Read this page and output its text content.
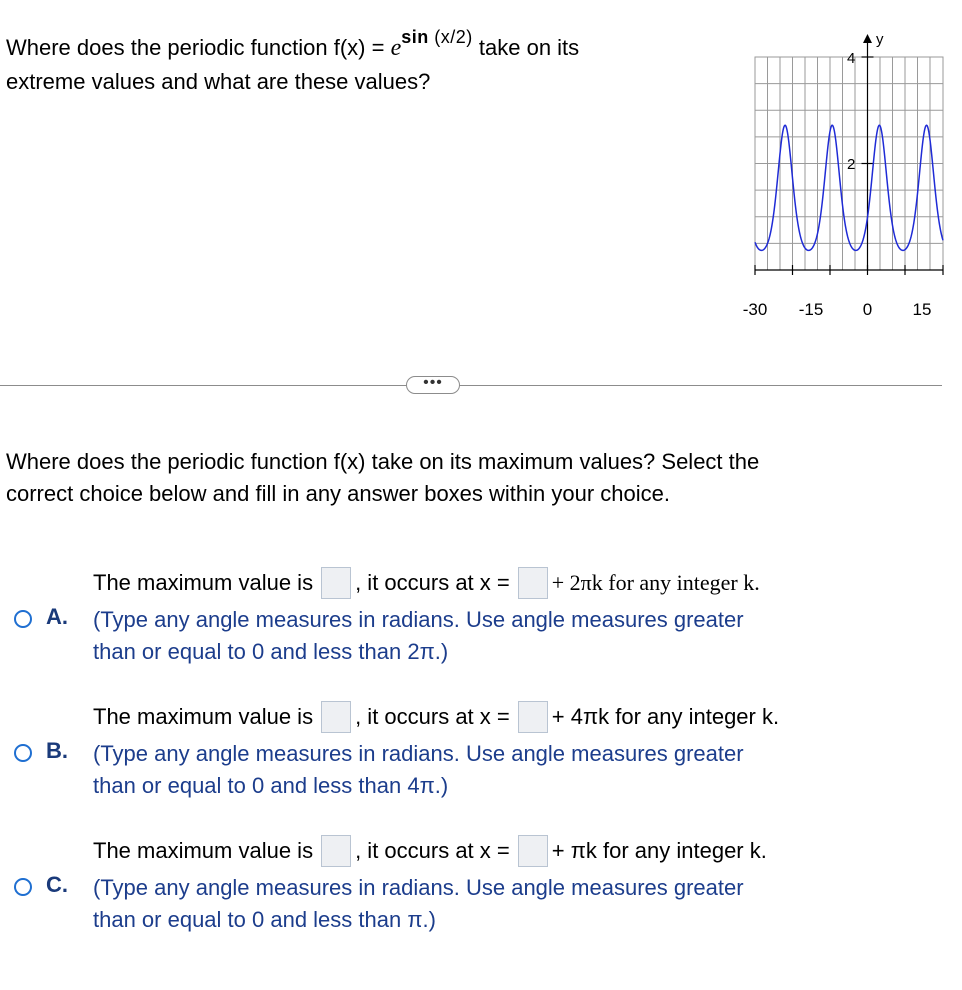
Where does the periodic function $f(x) = e^{sin (x/2)}$ take on its
extreme values and what are these values?
y
4
2
-30 -15 0 15
•••
Where does the periodic function f(x) take on its maximum values? Select the
correct choice below and fill in any answer boxes within your choice.
The maximum value is , it occurs at x = + 2πk for any integer k.
A. (Type any angle measures in radians. Use angle measures greater
than or equal to 0 and less than 2π.)
The maximum value is , it occurs at x = + 4πk for any integer k.
B. (Type any angle measures in radians. Use angle measures greater
than or equal to 0 and less than 4π.)
The maximum value is , it occurs at x = + πk for any integer k.
C. (Type any angle measures in radians. Use angle measures greater
than or equal to 0 and less than π.)
